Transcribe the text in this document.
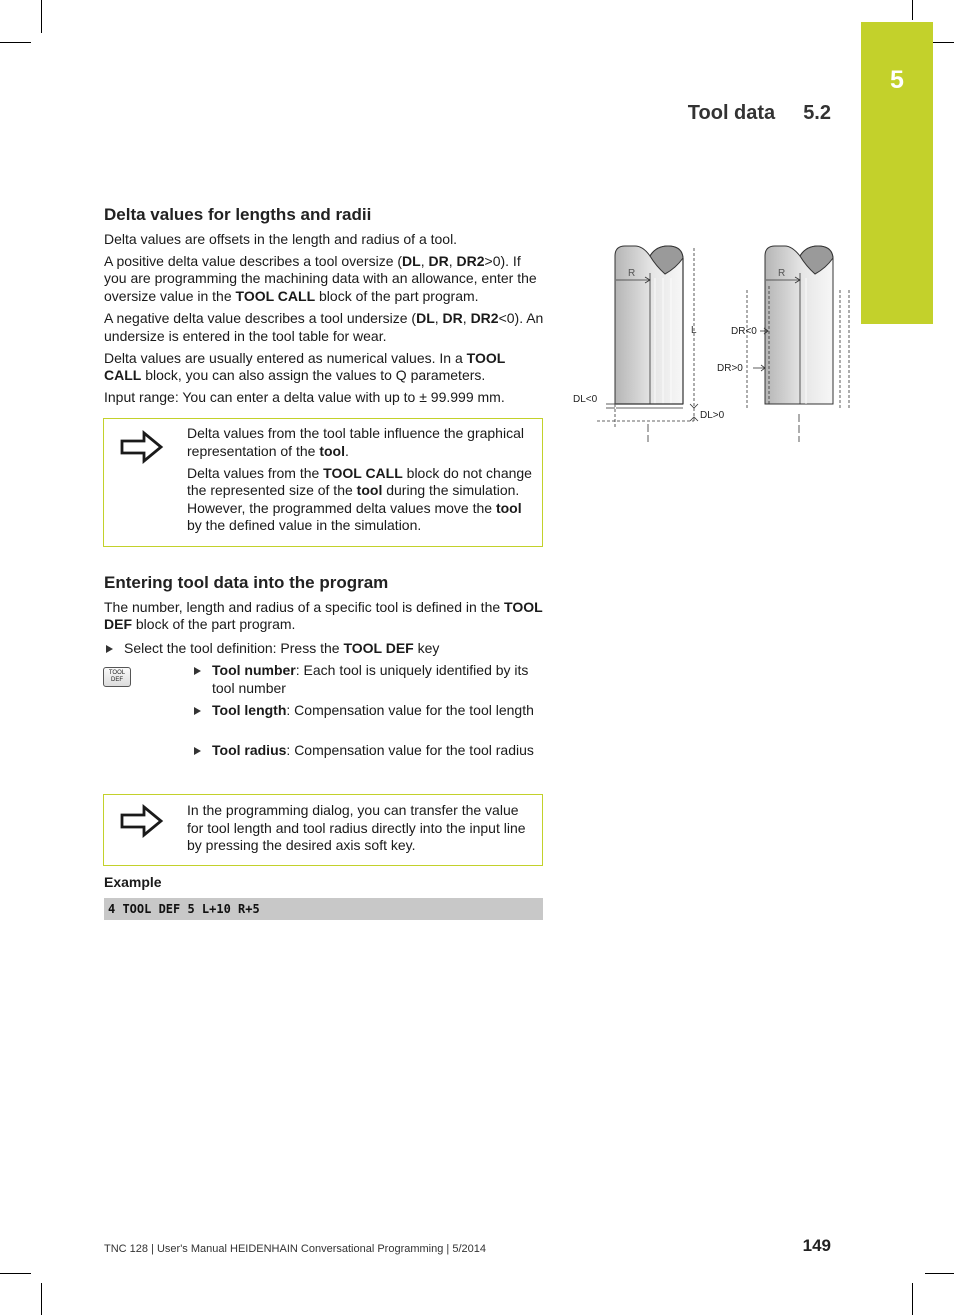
5
Tool data 5.2
Delta values for lengths and radii

Delta values are offsets in the length and radius of a tool.

A positive delta value describes a tool oversize (DL, DR, DR2>0). If you are programming the machining data with an allowance, enter the oversize value in the TOOL CALL block of the part program.

A negative delta value describes a tool undersize (DL, DR, DR2<0). An undersize is entered in the tool table for wear.

Delta values are usually entered as numerical values. In a TOOL CALL block, you can also assign the values to Q parameters.

Input range: You can enter a delta value with up to ± 99.999 mm.

Delta values from the tool table influence the graphical representation of the tool.

Delta values from the TOOL CALL block do not change the represented size of the tool during the simulation. However, the programmed delta values move the tool by the defined value in the simulation.

R
L
DL<0
DL>0
R
DR<0
DR>0
Entering tool data into the program

The number, length and radius of a specific tool is defined in the TOOL DEF block of the part program.

Select the tool definition: Press the TOOL DEF key
TOOL
DEF
Tool number: Each tool is uniquely identified by its tool number
Tool length: Compensation value for the tool length
Tool radius: Compensation value for the tool radius

In the programming dialog, you can transfer the value for tool length and tool radius directly into the input line by pressing the desired axis soft key.

Example
4 TOOL DEF 5 L+10 R+5
TNC 128 | User's Manual HEIDENHAIN Conversational Programming | 5/2014	149
